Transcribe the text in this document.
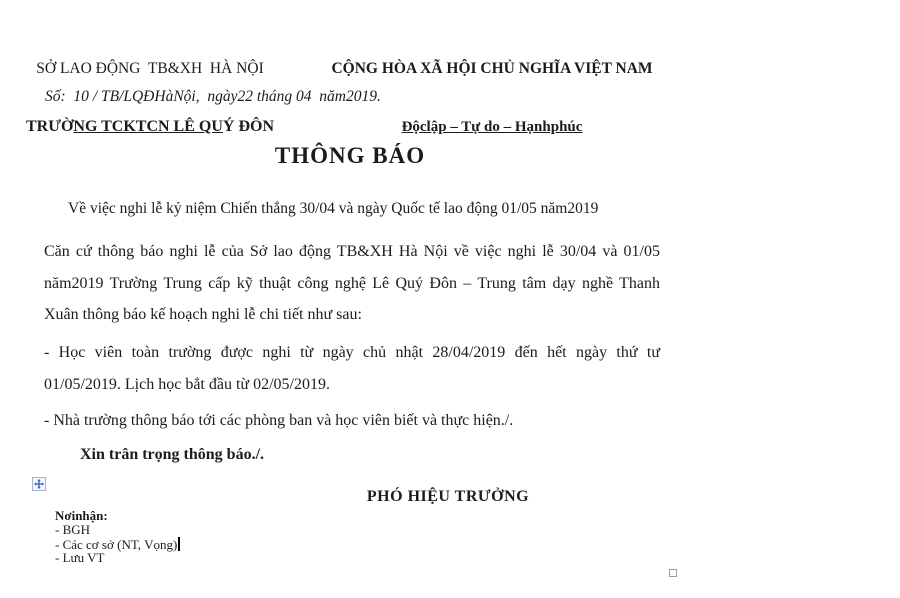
SỞ LAO ĐỘNG  TB&XH  HÀ NỘI

TRƯỜNG TCKTCN LÊ QUÝ ĐÔN

CỘNG HÒA XÃ HỘI CHỦ NGHĨA VIỆT NAM

Độclập – Tự do – Hạnhphúc

Số:  10 / TB/LQĐHàNội,  ngày22 tháng 04  năm2019.
THÔNG BÁO
Về việc nghi lễ kỷ niệm Chiến thắng 30/04 và ngày Quốc tế lao động 01/05 năm2019
Căn cứ thông báo nghi lễ của Sở lao động TB&XH Hà Nội về việc nghi lễ 30/04 và 01/05
năm2019 Trường Trung cấp kỹ thuật công nghệ Lê Quý Đôn – Trung tâm dạy nghề Thanh
Xuân thông báo kế hoạch nghi lễ chi tiết như sau:
- Học viên toàn trường được nghi từ ngày chủ nhật 28/04/2019 đến hết ngày thứ tư
01/05/2019. Lịch học bắt đầu từ 02/05/2019.
- Nhà trường thông báo tới các phòng ban và học viên biết và thực hiện./.
Xin trân trọng thông báo./.
PHÓ HIỆU TRƯỞNG
Nơinhận:
- BGH
- Các cơ sở (NT, Vọng)
- Lưu VT
